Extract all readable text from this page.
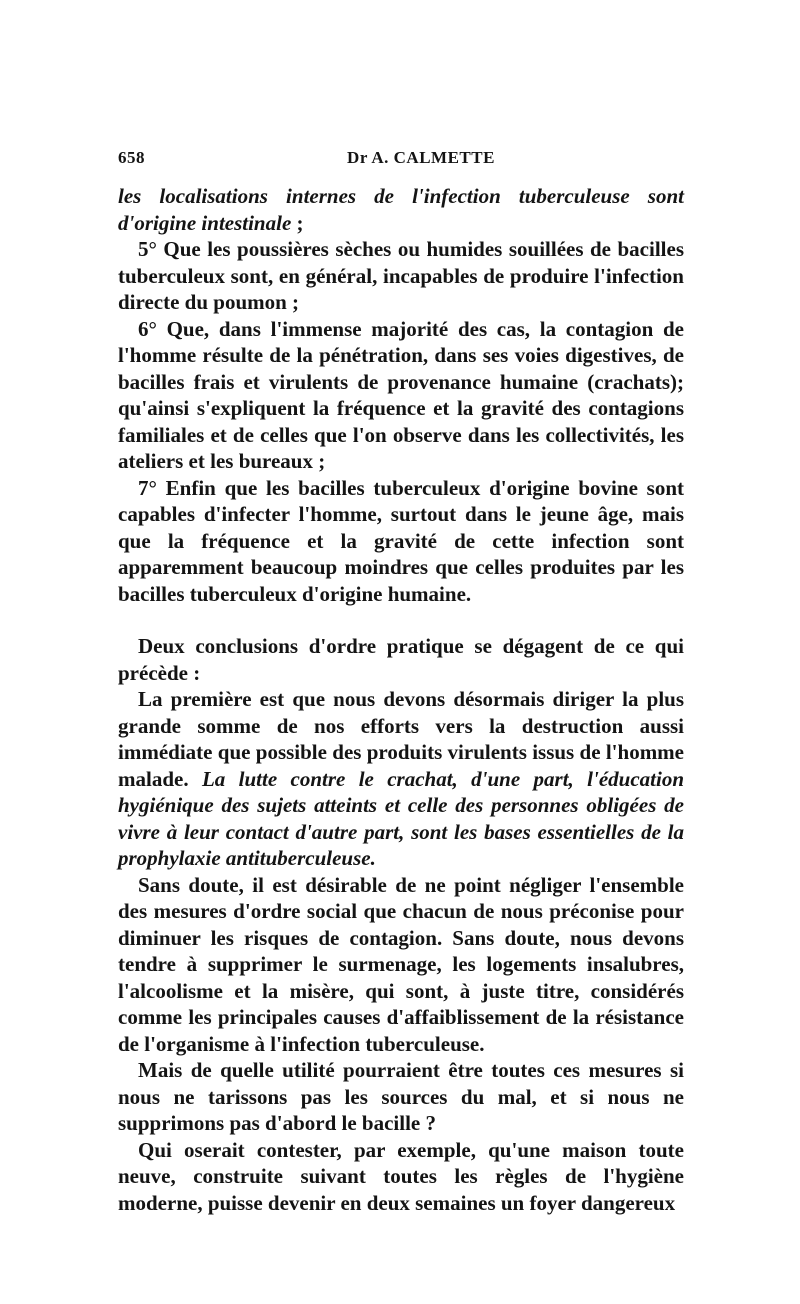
658	Dr A. CALMETTE

les localisations internes de l'infection tuberculeuse sont d'origine intestinale ;

5° Que les poussières sèches ou humides souillées de bacilles tuberculeux sont, en général, incapables de produire l'infection directe du poumon ;

6° Que, dans l'immense majorité des cas, la contagion de l'homme résulte de la pénétration, dans ses voies digestives, de bacilles frais et virulents de provenance humaine (crachats); qu'ainsi s'expliquent la fréquence et la gravité des contagions familiales et de celles que l'on observe dans les collectivités, les ateliers et les bureaux ;

7° Enfin que les bacilles tuberculeux d'origine bovine sont capables d'infecter l'homme, surtout dans le jeune âge, mais que la fréquence et la gravité de cette infection sont apparemment beaucoup moindres que celles produites par les bacilles tuberculeux d'origine humaine.

Deux conclusions d'ordre pratique se dégagent de ce qui précède :

La première est que nous devons désormais diriger la plus grande somme de nos efforts vers la destruction aussi immédiate que possible des produits virulents issus de l'homme malade. La lutte contre le crachat, d'une part, l'éducation hygiénique des sujets atteints et celle des personnes obligées de vivre à leur contact d'autre part, sont les bases essentielles de la prophylaxie antituberculeuse.

Sans doute, il est désirable de ne point négliger l'ensemble des mesures d'ordre social que chacun de nous préconise pour diminuer les risques de contagion. Sans doute, nous devons tendre à supprimer le surmenage, les logements insalubres, l'alcoolisme et la misère, qui sont, à juste titre, considérés comme les principales causes d'affaiblissement de la résistance de l'organisme à l'infection tuberculeuse.

Mais de quelle utilité pourraient être toutes ces mesures si nous ne tarissons pas les sources du mal, et si nous ne supprimons pas d'abord le bacille ?

Qui oserait contester, par exemple, qu'une maison toute neuve, construite suivant toutes les règles de l'hygiène moderne, puisse devenir en deux semaines un foyer dangereux
